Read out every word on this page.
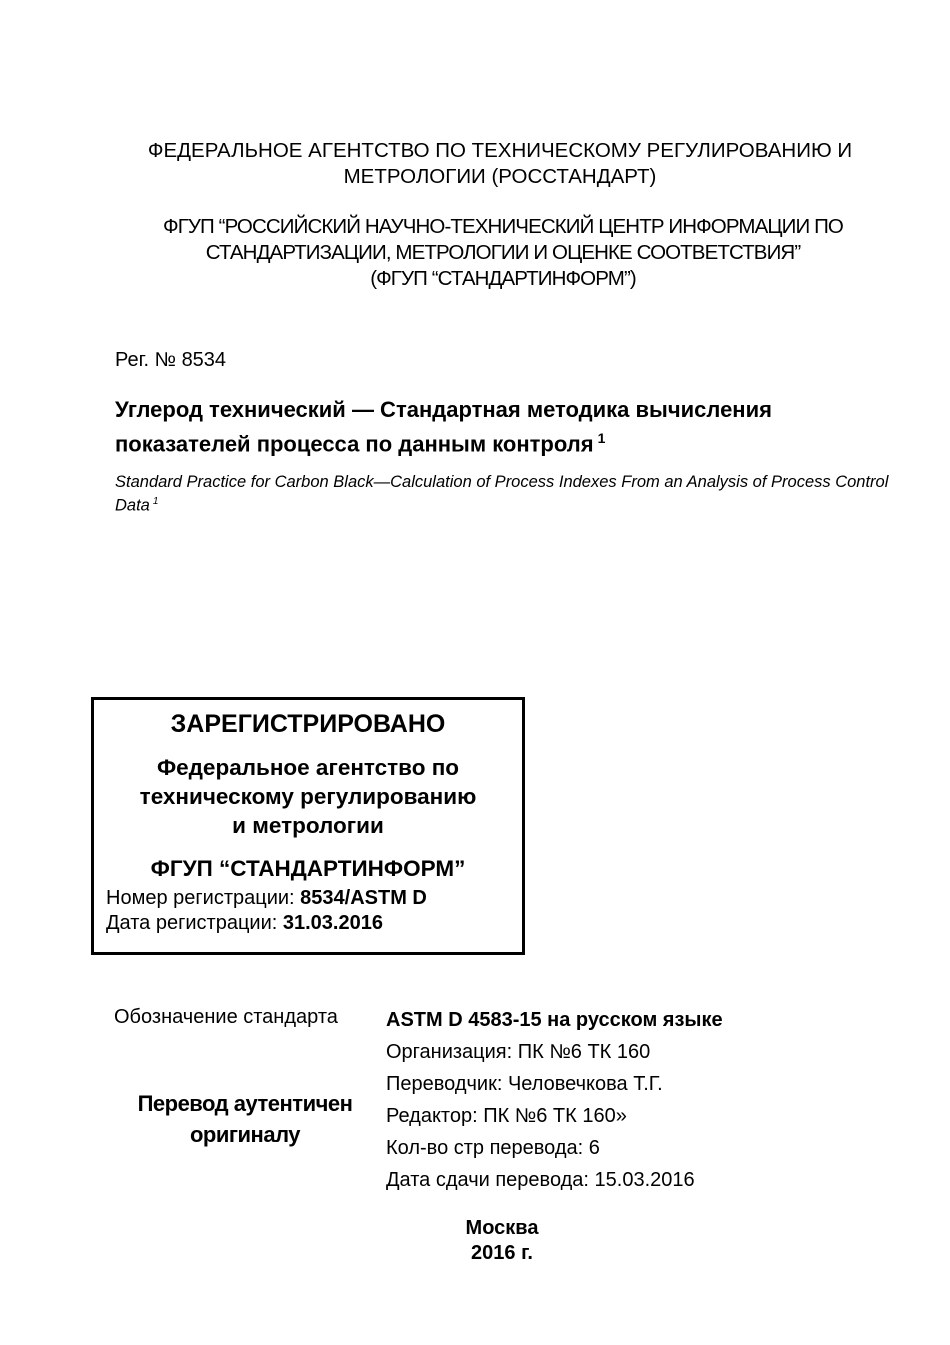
ФЕДЕРАЛЬНОЕ АГЕНТСТВО ПО ТЕХНИЧЕСКОМУ РЕГУЛИРОВАНИЮ И
МЕТРОЛОГИИ (РОССТАНДАРТ)
ФГУП “РОССИЙСКИЙ НАУЧНО-ТЕХНИЧЕСКИЙ ЦЕНТР ИНФОРМАЦИИ ПО
СТАНДАРТИЗАЦИИ, МЕТРОЛОГИИ И ОЦЕНКЕ СООТВЕТСТВИЯ”
(ФГУП “СТАНДАРТИНФОРМ”)
Рег. № 8534
Углерод технический — Стандартная методика вычисления
показателей процесса по данным контроля $^1$
Standard Practice for Carbon Black—Calculation of Process Indexes From an Analysis of Process Control Data $^1$
ЗАРЕГИСТРИРОВАНО
Федеральное агентство по
техническому регулированию
и метрологии
ФГУП “СТАНДАРТИНФОРМ”
Номер регистрации: 8534/ASTM D
Дата регистрации: 31.03.2016
Обозначение стандарта
Перевод аутентичен
оригиналу
ASTM D 4583-15 на русском языке
Организация: ПК №6 ТК 160
Переводчик: Человечкова Т.Г.
Редактор: ПК №6 ТК 160»
Кол-во стр перевода: 6
Дата сдачи перевода: 15.03.2016
Москва
2016 г.
